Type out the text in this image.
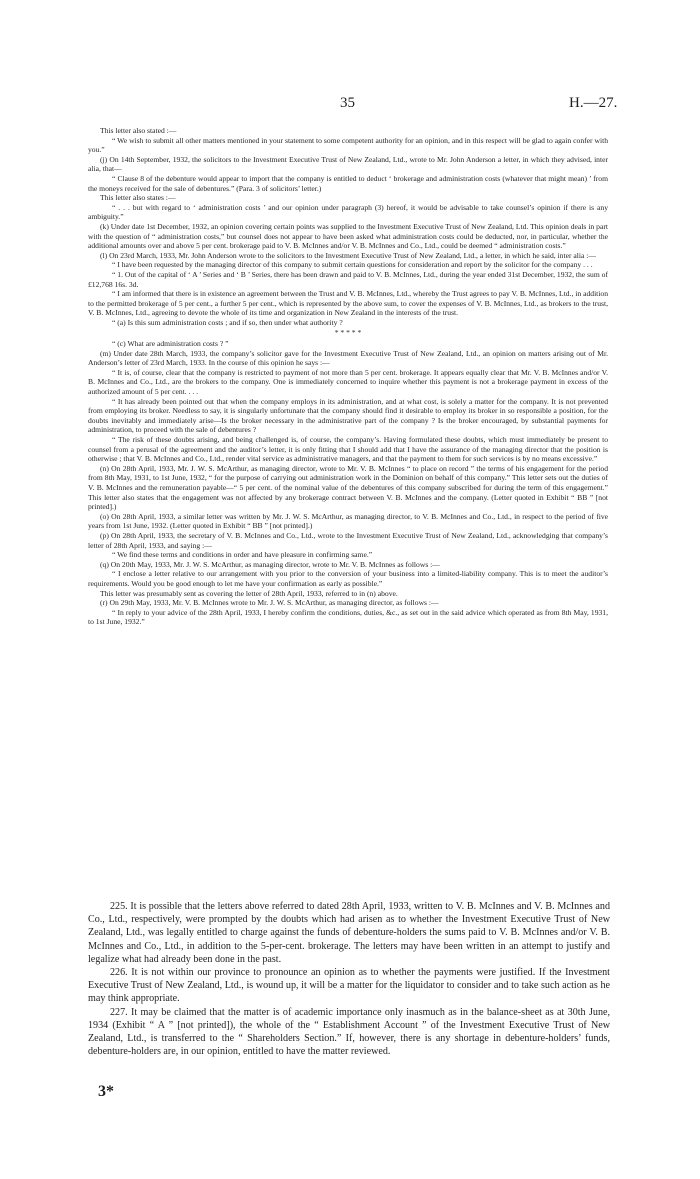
35	H.—27.

This letter also stated :—

“ We wish to submit all other matters mentioned in your statement to some competent authority for an opinion, and in this respect will be glad to again confer with you.”

(j) On 14th September, 1932, the solicitors to the Investment Executive Trust of New Zealand, Ltd., wrote to Mr. John Anderson a letter, in which they advised, inter alia, that—

“ Clause 8 of the debenture would appear to import that the company is entitled to deduct ‘ brokerage and administration costs (whatever that might mean) ’ from the moneys received for the sale of debentures.” (Para. 3 of solicitors’ letter.)

This letter also states :—

“ . . . but with regard to ‘ administration costs ’ and our opinion under paragraph (3) hereof, it would be advisable to take counsel’s opinion if there is any ambiguity.”

(k) Under date 1st December, 1932, an opinion covering certain points was supplied to the Investment Executive Trust of New Zealand, Ltd. This opinion deals in part with the question of “ administration costs,” but counsel does not appear to have been asked what administration costs could be deducted, nor, in particular, whether the additional amounts over and above 5 per cent. brokerage paid to V. B. McInnes and/or V. B. McInnes and Co., Ltd., could be deemed “ administration costs.”

(l) On 23rd March, 1933, Mr. John Anderson wrote to the solicitors to the Investment Executive Trust of New Zealand, Ltd., a letter, in which he said, inter alia :—

“ I have been requested by the managing director of this company to submit certain questions for consideration and report by the solicitor for the company . . .

“ 1. Out of the capital of ‘ A ’ Series and ‘ B ’ Series, there has been drawn and paid to V. B. McInnes, Ltd., during the year ended 31st December, 1932, the sum of £12,768 16s. 3d.

“ I am informed that there is in existence an agreement between the Trust and V. B. McInnes, Ltd., whereby the Trust agrees to pay V. B. McInnes, Ltd., in addition to the permitted brokerage of 5 per cent., a further 5 per cent., which is represented by the above sum, to cover the expenses of V. B. McInnes, Ltd., as brokers to the trust, V. B. McInnes, Ltd., agreeing to devote the whole of its time and organization in New Zealand in the interests of the trust.

“ (a) Is this sum administration costs ; and if so, then under what authority ?

* * * * *

“ (c) What are administration costs ? ”

(m) Under date 28th March, 1933, the company’s solicitor gave for the Investment Executive Trust of New Zealand, Ltd., an opinion on matters arising out of Mr. Anderson’s letter of 23rd March, 1933. In the course of this opinion he says :—

“ It is, of course, clear that the company is restricted to payment of not more than 5 per cent. brokerage. It appears equally clear that Mr. V. B. McInnes and/or V. B. McInnes and Co., Ltd., are the brokers to the company. One is immediately concerned to inquire whether this payment is not a brokerage payment in excess of the authorized amount of 5 per cent. . . .

“ It has already been pointed out that when the company employs in its administration, and at what cost, is solely a matter for the company. It is not prevented from employing its broker. Needless to say, it is singularly unfortunate that the company should find it desirable to employ its broker in so responsible a position, for the doubts inevitably and immediately arise—Is the broker necessary in the administrative part of the company ? Is the broker encouraged, by substantial payments for administration, to proceed with the sale of debentures ?

“ The risk of these doubts arising, and being challenged is, of course, the company’s. Having formulated these doubts, which must immediately be present to counsel from a perusal of the agreement and the auditor’s letter, it is only fitting that I should add that I have the assurance of the managing director that the position is otherwise ; that V. B. McInnes and Co., Ltd., render vital service as administrative managers, and that the payment to them for such services is by no means excessive.”

(n) On 28th April, 1933, Mr. J. W. S. McArthur, as managing director, wrote to Mr. V. B. McInnes “ to place on record ” the terms of his engagement for the period from 8th May, 1931, to 1st June, 1932, “ for the purpose of carrying out administration work in the Dominion on behalf of this company.” This letter sets out the duties of V. B. McInnes and the remuneration payable—“ 5 per cent. of the nominal value of the debentures of this company subscribed for during the term of this engagement.” This letter also states that the engagement was not affected by any brokerage contract between V. B. McInnes and the company. (Letter quoted in Exhibit “ BB ” [not printed].)

(o) On 28th April, 1933, a similar letter was written by Mr. J. W. S. McArthur, as managing director, to V. B. McInnes and Co., Ltd., in respect to the period of five years from 1st June, 1932. (Letter quoted in Exhibit “ BB ” [not printed].)

(p) On 28th April, 1933, the secretary of V. B. McInnes and Co., Ltd., wrote to the Investment Executive Trust of New Zealand, Ltd., acknowledging that company’s letter of 28th April, 1933, and saying :—

“ We find these terms and conditions in order and have pleasure in confirming same.”

(q) On 20th May, 1933, Mr. J. W. S. McArthur, as managing director, wrote to Mr. V. B. McInnes as follows :—

“ I enclose a letter relative to our arrangement with you prior to the conversion of your business into a limited-liability company. This is to meet the auditor’s requirements. Would you be good enough to let me have your confirmation as early as possible.”

This letter was presumably sent as covering the letter of 28th April, 1933, referred to in (n) above.

(r) On 29th May, 1933, Mr. V. B. McInnes wrote to Mr. J. W. S. McArthur, as managing director, as follows :—

“ In reply to your advice of the 28th April, 1933, I hereby confirm the conditions, duties, &c., as set out in the said advice which operated as from 8th May, 1931, to 1st June, 1932.”

225. It is possible that the letters above referred to dated 28th April, 1933, written to V. B. McInnes and V. B. McInnes and Co., Ltd., respectively, were prompted by the doubts which had arisen as to whether the Investment Executive Trust of New Zealand, Ltd., was legally entitled to charge against the funds of debenture-holders the sums paid to V. B. McInnes and/or V. B. McInnes and Co., Ltd., in addition to the 5-per-cent. brokerage. The letters may have been written in an attempt to justify and legalize what had already been done in the past.

226. It is not within our province to pronounce an opinion as to whether the payments were justified. If the Investment Executive Trust of New Zealand, Ltd., is wound up, it will be a matter for the liquidator to consider and to take such action as he may think appropriate.

227. It may be claimed that the matter is of academic importance only inasmuch as in the balance-sheet as at 30th June, 1934 (Exhibit “ A ” [not printed]), the whole of the “ Establishment Account ” of the Investment Executive Trust of New Zealand, Ltd., is transferred to the “ Shareholders Section.” If, however, there is any shortage in debenture-holders’ funds, debenture-holders are, in our opinion, entitled to have the matter reviewed.

3*
